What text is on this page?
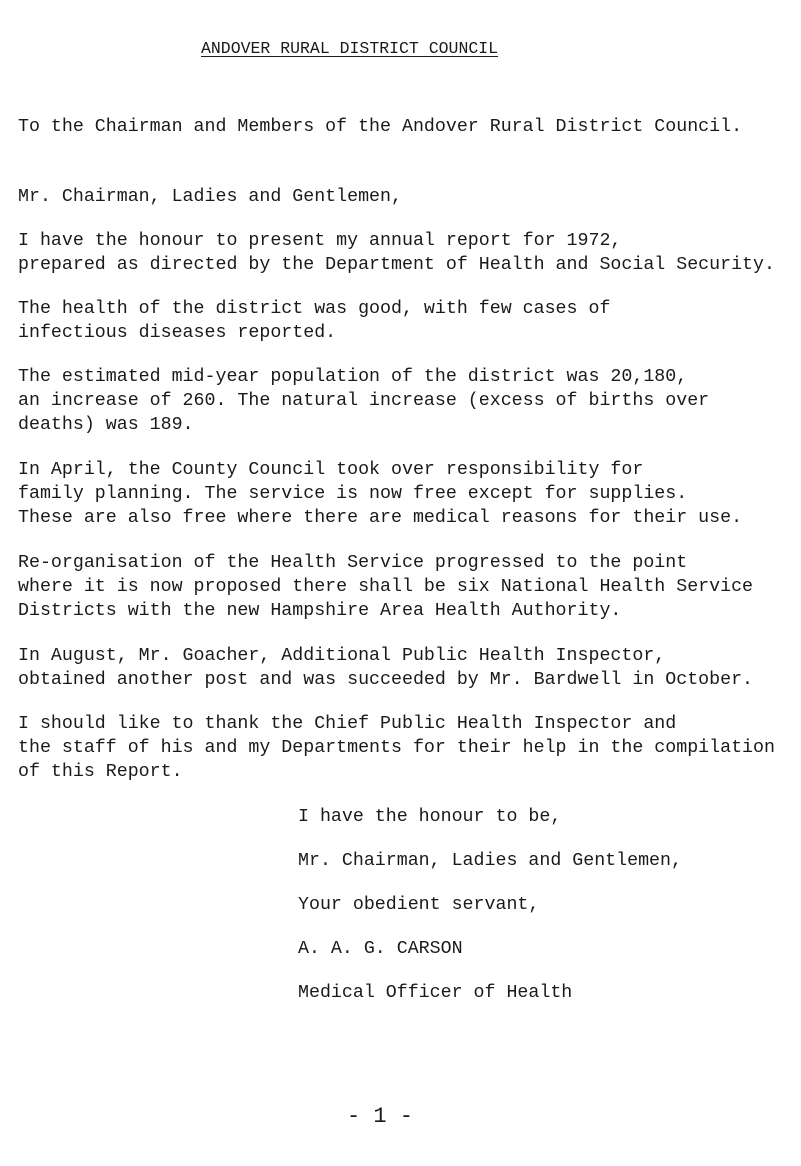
ANDOVER RURAL DISTRICT COUNCIL
To the Chairman and Members of the Andover Rural District Council.
Mr. Chairman, Ladies and Gentlemen,
I have the honour to present my annual report for 1972,
prepared as directed by the Department of Health and Social Security.
The health of the district was good, with few cases of
infectious diseases reported.
The estimated mid-year population of the district was 20,180,
an increase of 260. The natural increase (excess of births over
deaths) was 189.
In April, the County Council took over responsibility for
family planning. The service is now free except for supplies.
These are also free where there are medical reasons for their use.
Re-organisation of the Health Service progressed to the point
where it is now proposed there shall be six National Health Service
Districts with the new Hampshire Area Health Authority.
In August, Mr. Goacher, Additional Public Health Inspector,
obtained another post and was succeeded by Mr. Bardwell in October.
I should like to thank the Chief Public Health Inspector and
the staff of his and my Departments for their help in the compilation
of this Report.
I have the honour to be,
Mr. Chairman, Ladies and Gentlemen,
Your obedient servant,
A. A. G. CARSON
Medical Officer of Health
- 1 -
